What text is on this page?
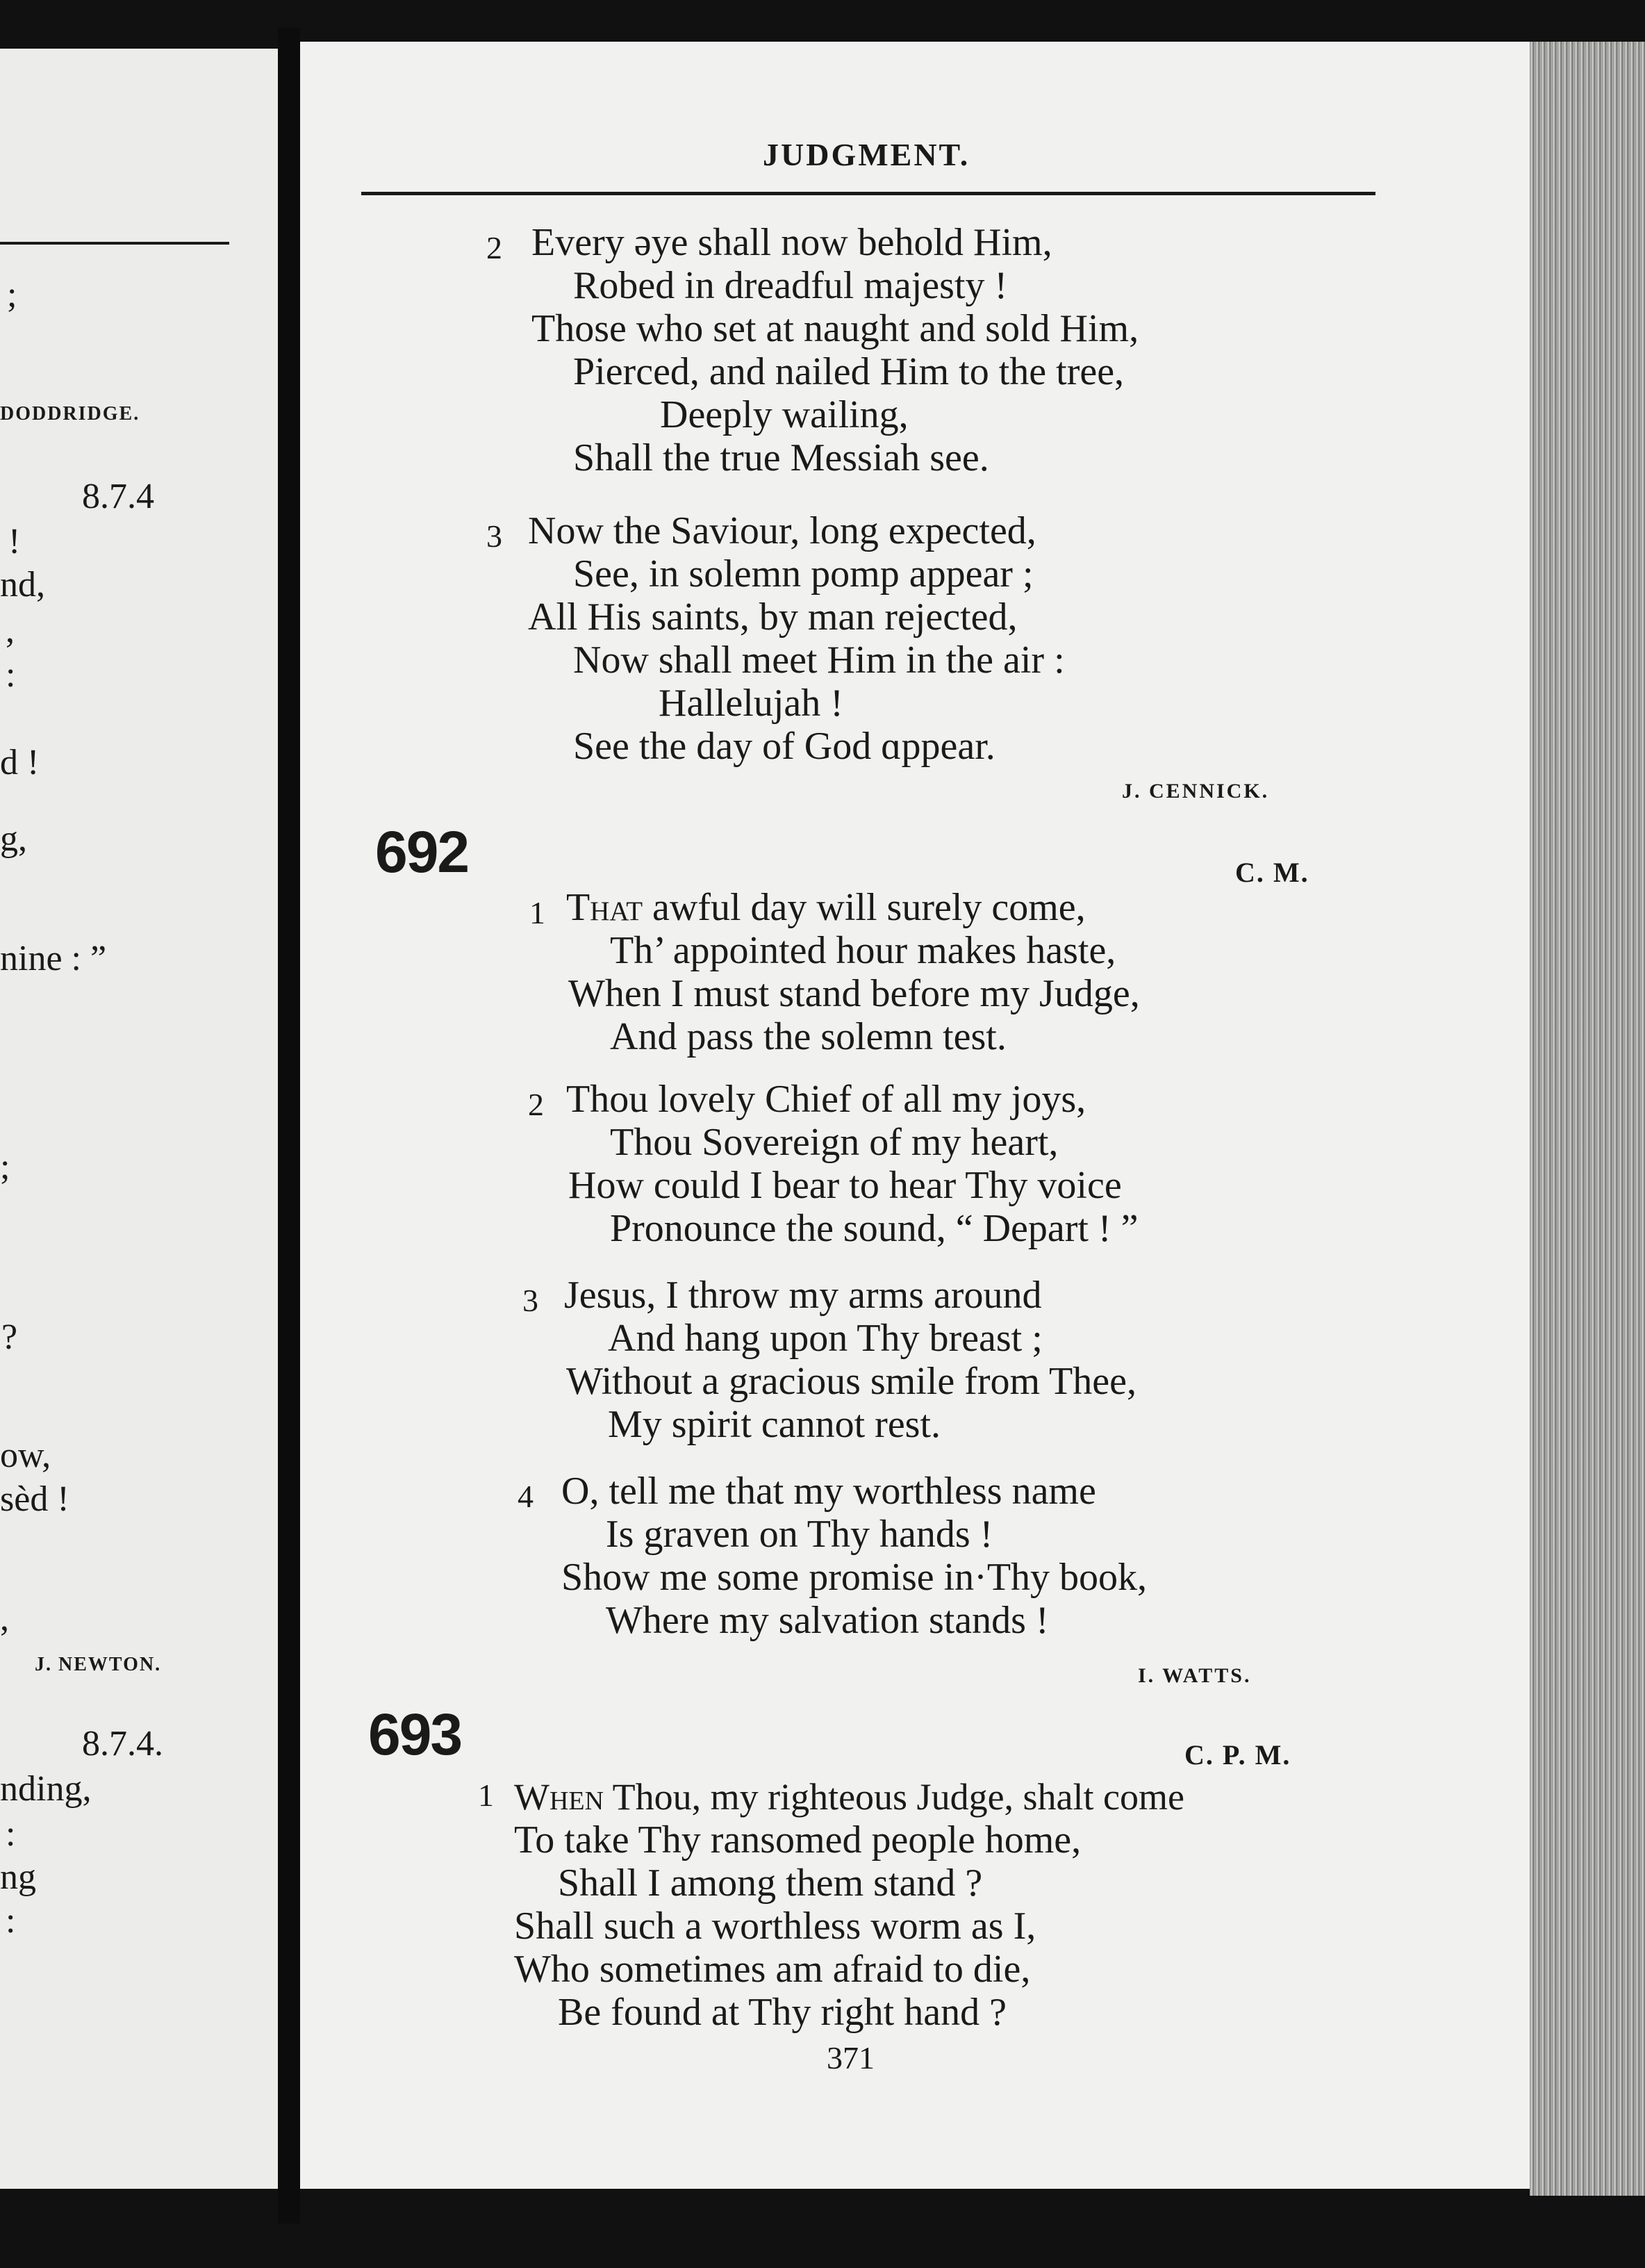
;
DODDRIDGE.
8.7.4
!
nd,
,
:
d !
g,
nine : ”
;
?
ow,
sèd !
,
J. NEWTON.
8.7.4.
nding,
:
ng
:
JUDGMENT.
2 Every əye shall now behold Him,
Robed in dreadful majesty !
Those who set at naught and sold Him,
Pierced, and nailed Him to the tree,
Deeply wailing,
Shall the true Messiah see.
3 Now the Saviour, long expected,
See, in solemn pomp appear ;
All His saints, by man rejected,
Now shall meet Him in the air :
Hallelujah !
See the day of God ɑppear.
J. CENNICK.
692	C. M.
1 That awful day will surely come,
Th’ appointed hour makes haste,
When I must stand before my Judge,
And pass the solemn test.
2 Thou lovely Chief of all my joys,
Thou Sovereign of my heart,
How could I bear to hear Thy voice
Pronounce the sound, “ Depart ! ”
3 Jesus, I throw my arms around
And hang upon Thy breast ;
Without a gracious smile from Thee,
My spirit cannot rest.
4 O, tell me that my worthless name
Is graven on Thy hands !
Show me some promise in·Thy book,
Where my salvation stands !
I. WATTS.
693	C. P. M.
1 When Thou, my righteous Judge, shalt come
To take Thy ransomed people home,
Shall I among them stand ?
Shall such a worthless worm as I,
Who sometimes am afraid to die,
Be found at Thy right hand ?
371
